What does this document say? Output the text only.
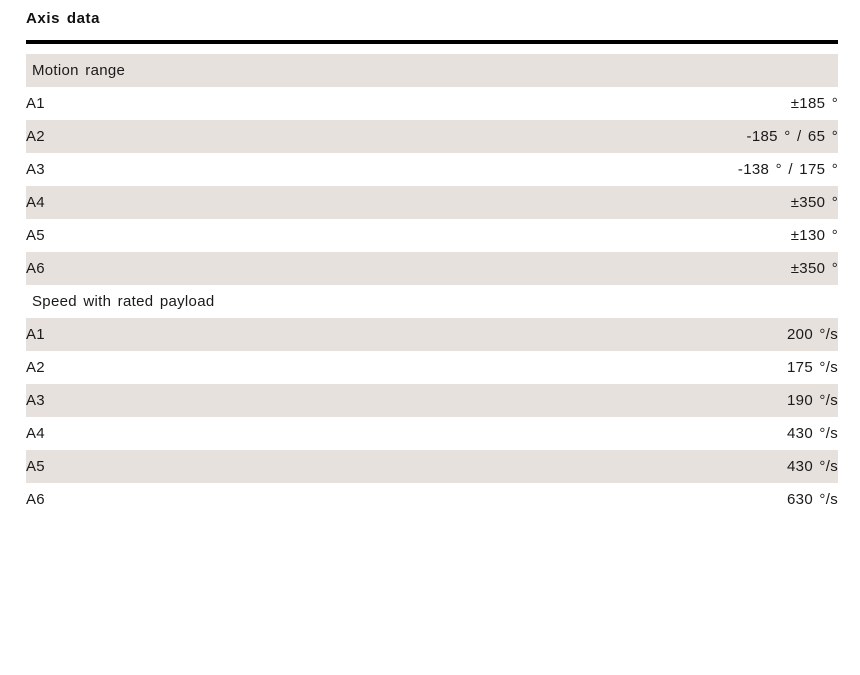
Axis data
Motion range	
A1	±185 °
A2	-185 ° / 65 °
A3	-138 ° / 175 °
A4	±350 °
A5	±130 °
A6	±350 °
Speed with rated payload	
A1	200 °/s
A2	175 °/s
A3	190 °/s
A4	430 °/s
A5	430 °/s
A6	630 °/s
